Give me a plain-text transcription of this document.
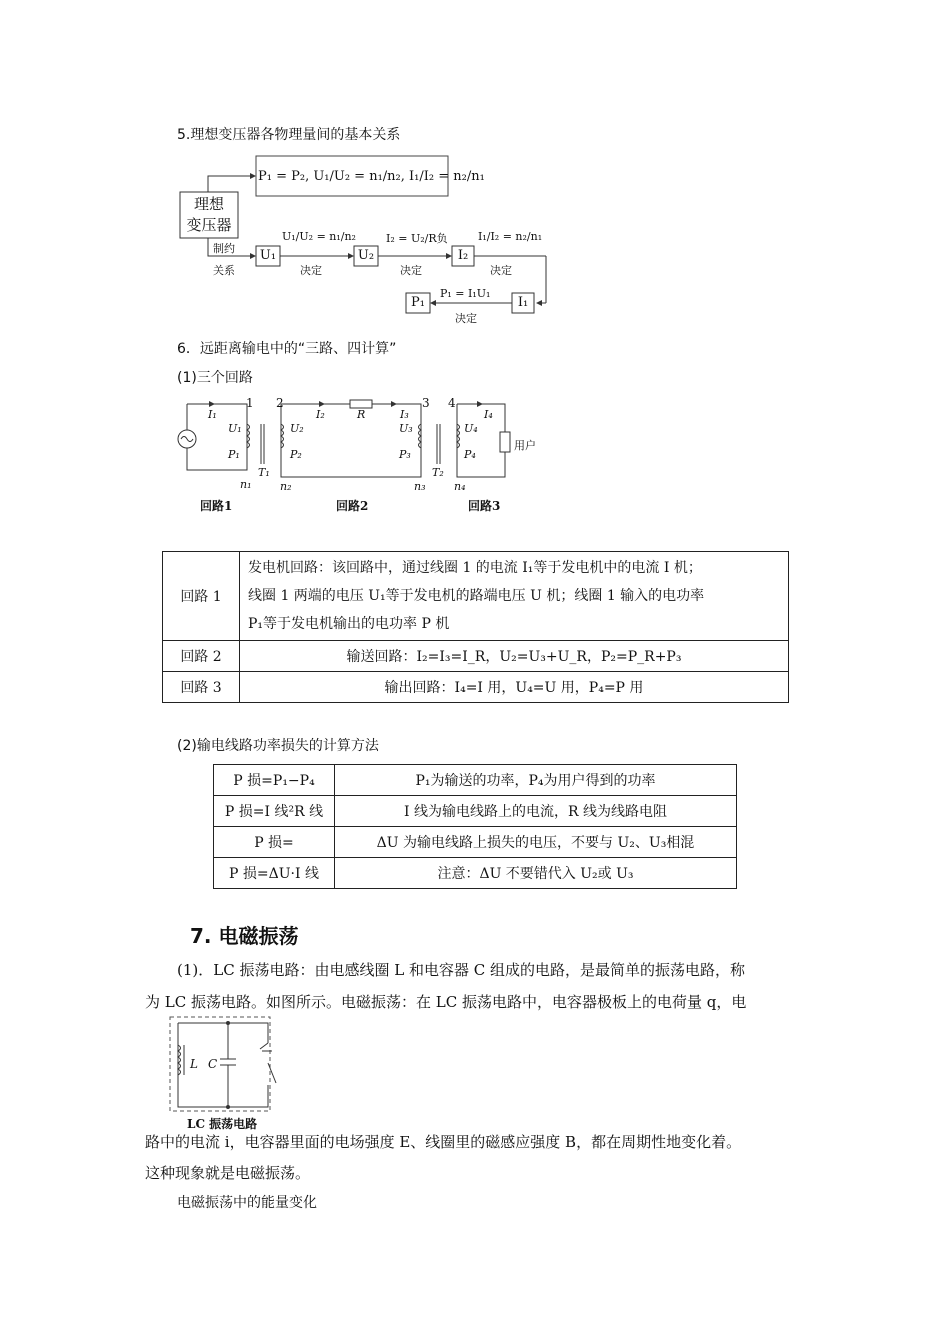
5.理想变压器各物理量间的基本关系
P₁ = P₂, U₁/U₂ = n₁/n₂, I₁/I₂ = n₂/n₁
理想
变压器
制约
关系
U₁	U₂	I₂
I₁
P₁
U₁/U₂ = n₁/n₂
决定
I₂ = U₂/R负
决定
I₁/I₂ = n₂/n₁
决定
P₁ = I₁U₁
决定
6．远距离输电中的“三路、四计算”
(1)三个回路
1 2	3 4
I₁
U₁
P₁
T₁
n₁
I₂	R
U₂
P₂
n₂
I₃
U₃
P₃
n₃
T₂
I₄
U₄
P₄
n₄
用户
回路1	回路2	回路3
回路 1	发电机回路：该回路中，通过线圈 1 的电流 I₁等于发电机中的电流 I 机；
线圈 1 两端的电压 U₁等于发电机的路端电压 U 机；线圈 1 输入的电功率
P₁等于发电机输出的电功率 P 机

回路 2	输送回路：I₂=I₃=I_R，U₂=U₃+U_R，P₂=P_R+P₃
回路 3	输出回路：I₄=I 用，U₄=U 用，P₄=P 用
(2)输电线路功率损失的计算方法
P 损=P₁−P₄	P₁为输送的功率，P₄为用户得到的功率
P 损=I 线²R 线	I 线为输电线路上的电流，R 线为线路电阻
P 损=	ΔU 为输电线路上损失的电压，不要与 U₂、U₃相混
P 损=ΔU·I 线	注意：ΔU 不要错代入 U₂或 U₃
7. 电磁振荡
(1)．LC 振荡电路：由电感线圈 L 和电容器 C 组成的电路，是最简单的振荡电路，称
为 LC 振荡电路。如图所示。电磁振荡：在 LC 振荡电路中，电容器极板上的电荷量 q，电
L C
LC 振荡电路
路中的电流 i，电容器里面的电场强度 E、线圈里的磁感应强度 B，都在周期性地变化着。
这种现象就是电磁振荡。
电磁振荡中的能量变化
